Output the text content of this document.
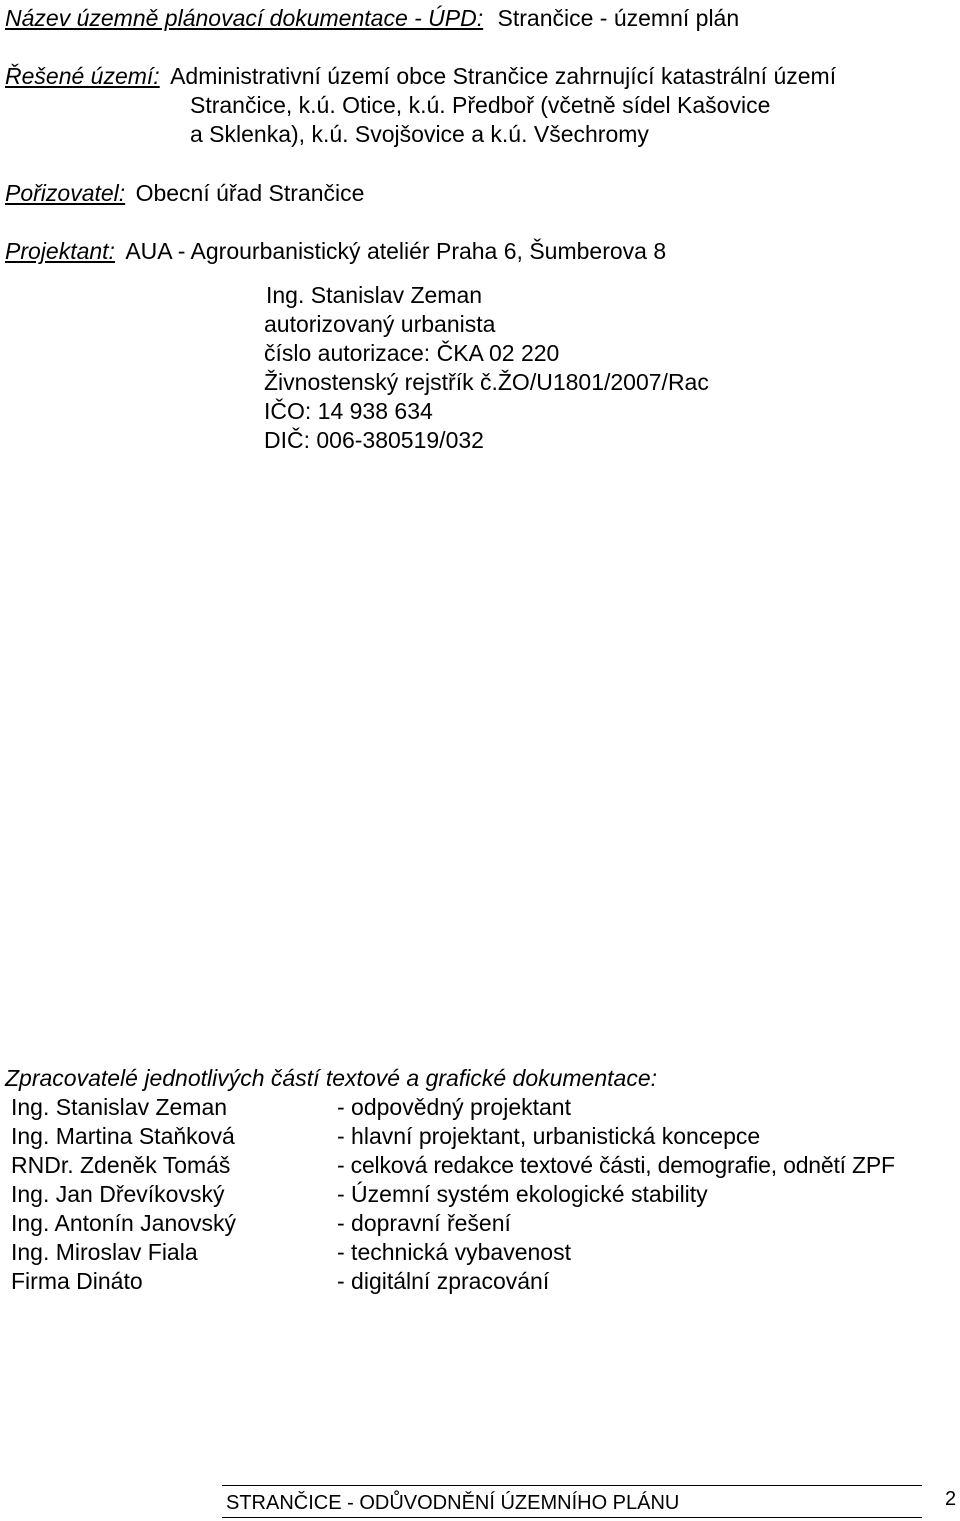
Název územně plánovací dokumentace - ÚPD: Strančice - územní plán
Řešené území: Administrativní území obce Strančice zahrnující katastrální území
Strančice, k.ú. Otice, k.ú. Předboř (včetně sídel Kašovice
a Sklenka), k.ú. Svojšovice a k.ú. Všechromy
Pořizovatel: Obecní úřad Strančice
Projektant: AUA - Agrourbanistický ateliér Praha 6, Šumberova 8
Ing. Stanislav Zeman
autorizovaný urbanista
číslo autorizace: ČKA 02 220
Živnostenský rejstřík č.ŽO/U1801/2007/Rac
IČO: 14 938 634
DIČ: 006-380519/032
Zpracovatelé jednotlivých částí textové a grafické dokumentace:
Ing. Stanislav Zeman	- odpovědný projektant
Ing. Martina Staňková	- hlavní projektant, urbanistická koncepce
RNDr. Zdeněk Tomáš	- celková redakce textové části, demografie, odnětí ZPF
Ing. Jan Dřevíkovský	- Územní systém ekologické stability
Ing. Antonín Janovský	- dopravní řešení
Ing. Miroslav Fiala	- technická vybavenost
Firma Dináto	- digitální zpracování
STRANČICE - ODŮVODNĚNÍ ÚZEMNÍHO PLÁNU	2
